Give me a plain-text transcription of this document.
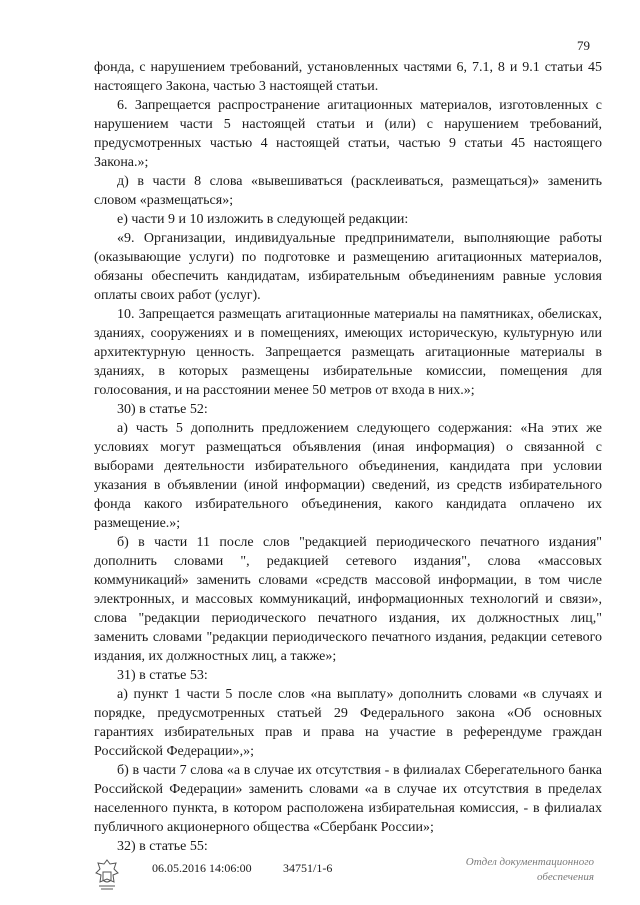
79

фонда, с нарушением требований, установленных частями 6, 7.1, 8 и 9.1 статьи 45 настоящего Закона, частью 3 настоящей статьи.

6. Запрещается распространение агитационных материалов, изготовленных с нарушением части 5 настоящей статьи и (или) с нарушением требований, предусмотренных частью 4 настоящей статьи, частью 9 статьи 45 настоящего Закона.»;

д) в части 8 слова «вывешиваться (расклеиваться, размещаться)» заменить словом «размещаться»;

е) части 9 и 10 изложить в следующей редакции:

«9. Организации, индивидуальные предприниматели, выполняющие работы (оказывающие услуги) по подготовке и размещению агитационных материалов, обязаны обеспечить кандидатам, избирательным объединениям равные условия оплаты своих работ (услуг).

10. Запрещается размещать агитационные материалы на памятниках, обелисках, зданиях, сооружениях и в помещениях, имеющих историческую, культурную или архитектурную ценность. Запрещается размещать агитационные материалы в зданиях, в которых размещены избирательные комиссии, помещения для голосования, и на расстоянии менее 50 метров от входа в них.»;

30) в статье 52:

а) часть 5 дополнить предложением следующего содержания: «На этих же условиях могут размещаться объявления (иная информация) о связанной с выборами деятельности избирательного объединения, кандидата при условии указания в объявлении (иной информации) сведений, из средств избирательного фонда какого избирательного объединения, какого кандидата оплачено их размещение.»;

б) в части 11 после слов "редакцией периодического печатного издания" дополнить словами ", редакцией сетевого издания", слова «массовых коммуникаций» заменить словами «средств массовой информации, в том числе электронных, и массовых коммуникаций, информационных технологий и связи», слова "редакции периодического печатного издания, их должностных лиц," заменить словами "редакции периодического печатного издания, редакции сетевого издания, их должностных лиц, а также»;

31) в статье 53:

а) пункт 1 части 5 после слов «на выплату» дополнить словами «в случаях и порядке, предусмотренных статьей 29 Федерального закона «Об основных гарантиях избирательных прав и права на участие в референдуме граждан Российской Федерации»,»;

б) в части 7 слова «а в случае их отсутствия - в филиалах Сберегательного банка Российской Федерации» заменить словами «а в случае их отсутствия в пределах населенного пункта, в котором расположена избирательная комиссия, - в филиалах публичного акционерного общества «Сбербанк России»;

32) в статье 55:

06.05.2016 14:06:00	34751/1-6	Отдел документационного
обеспечения
